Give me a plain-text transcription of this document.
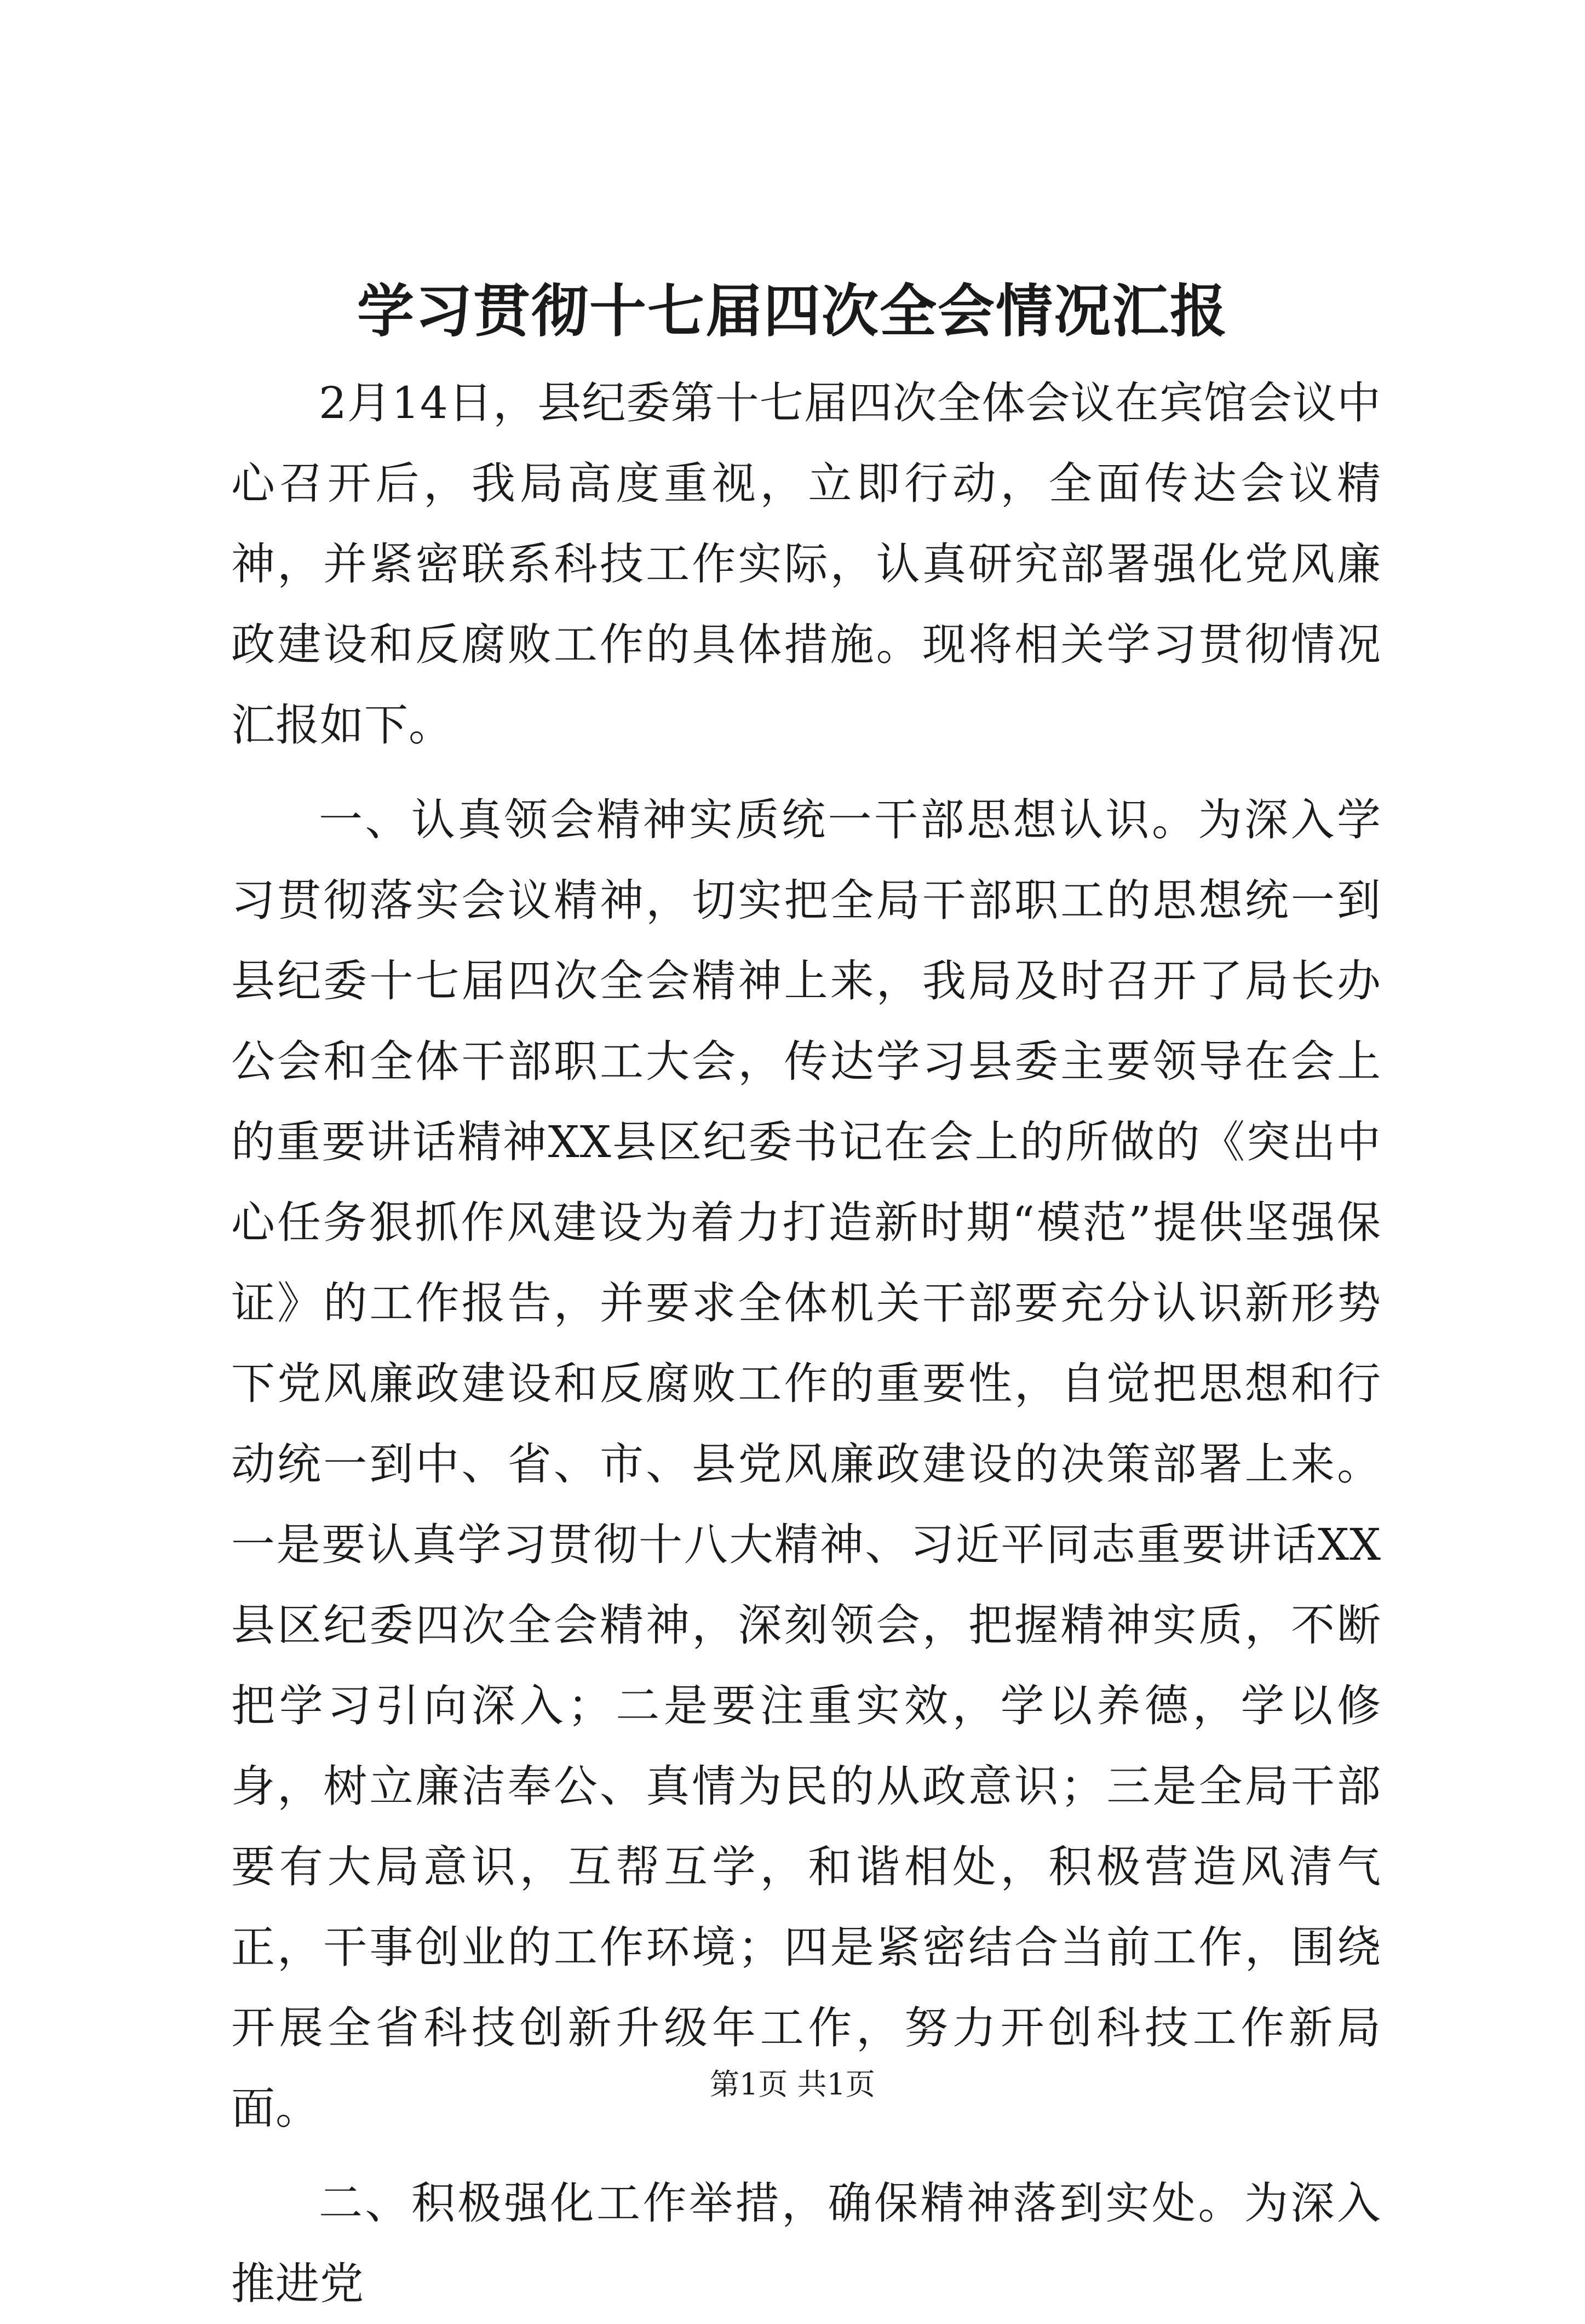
学习贯彻十七届四次全会情况汇报

2月14日，县纪委第十七届四次全体会议在宾馆会议中心召开后，我局高度重视，立即行动，全面传达会议精神，并紧密联系科技工作实际，认真研究部署强化党风廉政建设和反腐败工作的具体措施。现将相关学习贯彻情况汇报如下。

一、认真领会精神实质统一干部思想认识。为深入学习贯彻落实会议精神，切实把全局干部职工的思想统一到县纪委十七届四次全会精神上来，我局及时召开了局长办公会和全体干部职工大会，传达学习县委主要领导在会上的重要讲话精神XX县区纪委书记在会上的所做的《突出中心任务狠抓作风建设为着力打造新时期“模范”提供坚强保证》的工作报告，并要求全体机关干部要充分认识新形势下党风廉政建设和反腐败工作的重要性，自觉把思想和行动统一到中、省、市、县党风廉政建设的决策部署上来。一是要认真学习贯彻十八大精神、习近平同志重要讲话XX县区纪委四次全会精神，深刻领会，把握精神实质，不断把学习引向深入；二是要注重实效，学以养德，学以修身，树立廉洁奉公、真情为民的从政意识；三是全局干部要有大局意识，互帮互学，和谐相处，积极营造风清气正，干事创业的工作环境；四是紧密结合当前工作，围绕开展全省科技创新升级年工作，努力开创科技工作新局面。

二、积极强化工作举措，确保精神落到实处。为深入推进党

第1页 共1页
